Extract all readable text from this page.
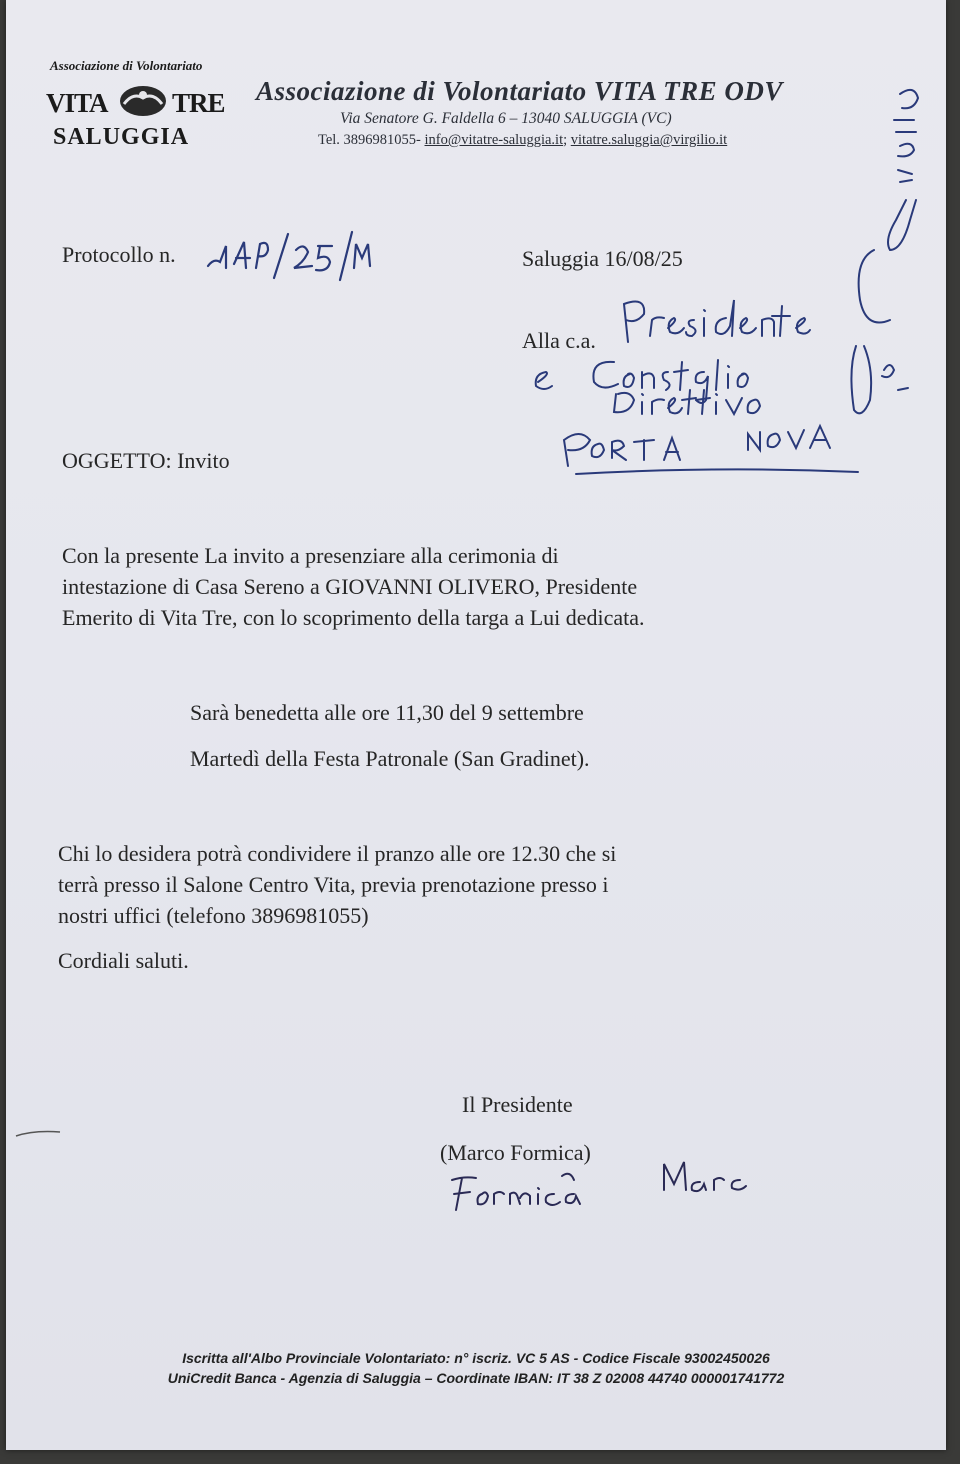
Associazione di Volontariato
VITA TRE
SALUGGIA
Associazione di Volontariato VITA TRE ODV
Via Senatore G. Faldella 6 – 13040 SALUGGIA (VC)
Tel. 3896981055- info@vitatre-saluggia.it; vitatre.saluggia@virgilio.it
Protocollo n.	Saluggia 16/08/25
Alla c.a.
OGGETTO: Invito
Con la presente La invito a presenziare alla cerimonia di
intestazione di Casa Sereno a GIOVANNI OLIVERO, Presidente
Emerito di Vita Tre, con lo scoprimento della targa a Lui dedicata.
Sarà benedetta alle ore 11,30 del 9 settembre
Martedì della Festa Patronale (San Gradinet).
Chi lo desidera potrà condividere il pranzo alle ore 12.30 che si
terrà presso il Salone Centro Vita, previa prenotazione presso i
nostri uffici (telefono 3896981055)
Cordiali saluti.
Il Presidente
(Marco Formica)
Iscritta all'Albo Provinciale Volontariato: n° iscriz. VC 5 AS - Codice Fiscale 93002450026
UniCredit Banca - Agenzia di Saluggia – Coordinate IBAN: IT 38 Z 02008 44740 000001741772
